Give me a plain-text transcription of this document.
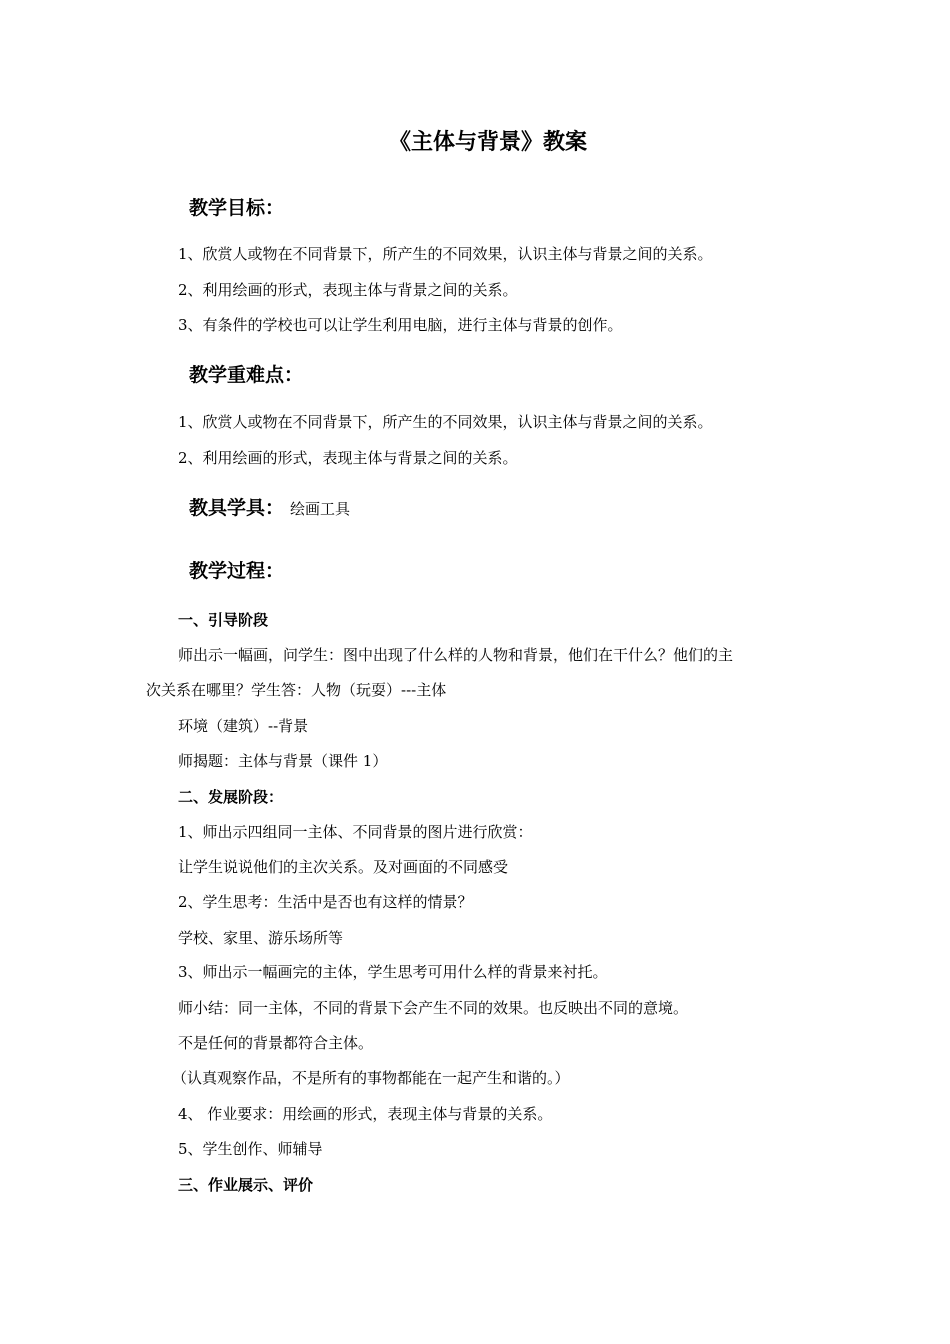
《主体与背景》教案
教学目标：
1、欣赏人或物在不同背景下，所产生的不同效果，认识主体与背景之间的关系。
2、利用绘画的形式，表现主体与背景之间的关系。
3、有条件的学校也可以让学生利用电脑，进行主体与背景的创作。
教学重难点：
1、欣赏人或物在不同背景下，所产生的不同效果，认识主体与背景之间的关系。
2、利用绘画的形式，表现主体与背景之间的关系。
教具学具： 绘画工具
教学过程：
一、引导阶段
师出示一幅画，问学生：图中出现了什么样的人物和背景，他们在干什么？他们的主
次关系在哪里？学生答：人物（玩耍）---主体
环境（建筑）--背景
师揭题：主体与背景（课件 1）
二、发展阶段：
1、师出示四组同一主体、不同背景的图片进行欣赏：
让学生说说他们的主次关系。及对画面的不同感受
2、学生思考：生活中是否也有这样的情景？
学校、家里、游乐场所等
3、师出示一幅画完的主体，学生思考可用什么样的背景来衬托。
师小结：同一主体，不同的背景下会产生不同的效果。也反映出不同的意境。
不是任何的背景都符合主体。
（认真观察作品，不是所有的事物都能在一起产生和谐的。）
4、 作业要求：用绘画的形式，表现主体与背景的关系。
5、学生创作、师辅导
三、作业展示、评价
